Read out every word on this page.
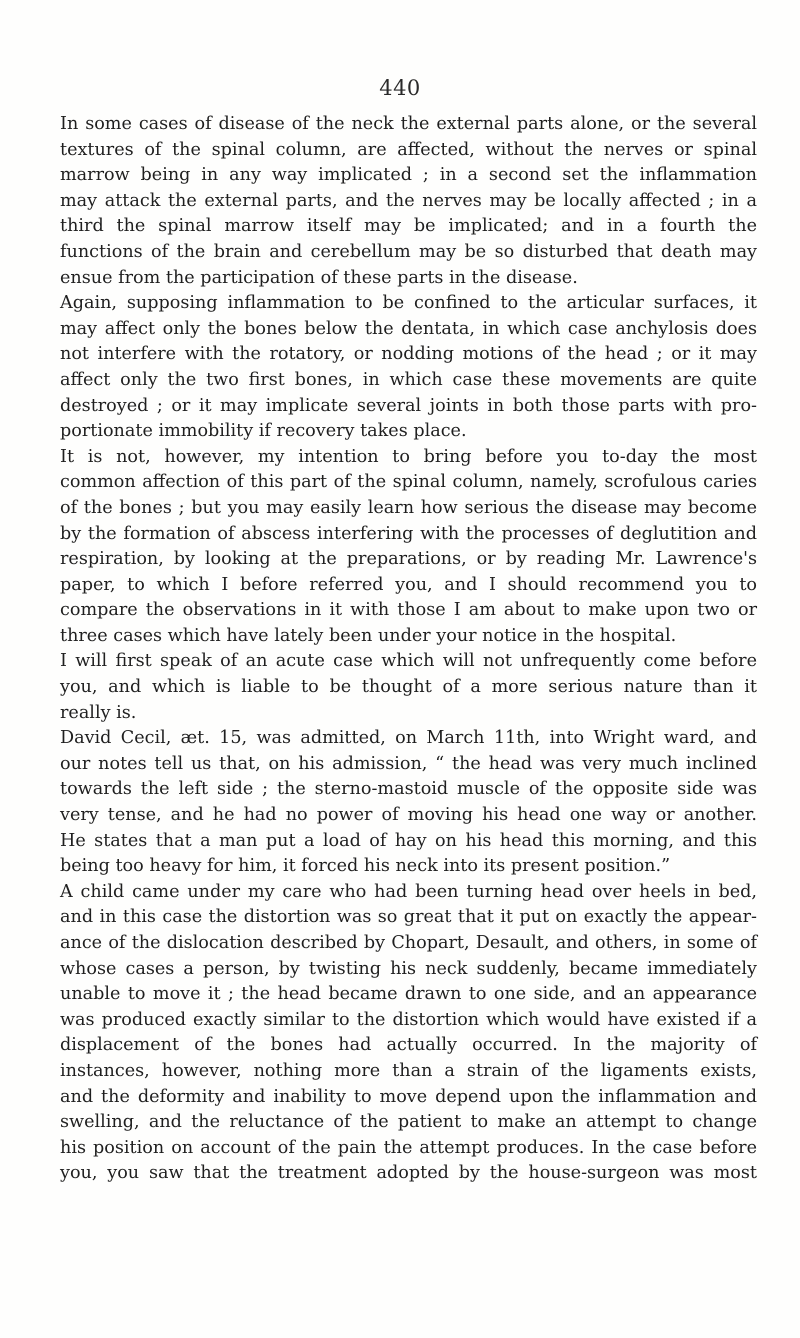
440
In some cases of disease of the neck the external parts alone, or the several
textures of the spinal column, are affected, without the nerves or spinal
marrow being in any way implicated ; in a second set the inflammation
may attack the external parts, and the nerves may be locally affected ; in a
third the spinal marrow itself may be implicated; and in a fourth the
functions of the brain and cerebellum may be so disturbed that death may
ensue from the participation of these parts in the disease.
Again, supposing inflammation to be confined to the articular surfaces, it
may affect only the bones below the dentata, in which case anchylosis does
not interfere with the rotatory, or nodding motions of the head ; or it may
affect only the two first bones, in which case these movements are quite
destroyed ; or it may implicate several joints in both those parts with pro-
portionate immobility if recovery takes place.
It is not, however, my intention to bring before you to-day the most
common affection of this part of the spinal column, namely, scrofulous caries
of the bones ; but you may easily learn how serious the disease may become
by the formation of abscess interfering with the processes of deglutition and
respiration, by looking at the preparations, or by reading Mr. Lawrence's
paper, to which I before referred you, and I should recommend you to
compare the observations in it with those I am about to make upon two or
three cases which have lately been under your notice in the hospital.
I will first speak of an acute case which will not unfrequently come before
you, and which is liable to be thought of a more serious nature than it
really is.
David Cecil, æt. 15, was admitted, on March 11th, into Wright ward, and
our notes tell us that, on his admission, “ the head was very much inclined
towards the left side ; the sterno-mastoid muscle of the opposite side was
very tense, and he had no power of moving his head one way or another.
He states that a man put a load of hay on his head this morning, and this
being too heavy for him, it forced his neck into its present position.”
A child came under my care who had been turning head over heels in bed,
and in this case the distortion was so great that it put on exactly the appear-
ance of the dislocation described by Chopart, Desault, and others, in some of
whose cases a person, by twisting his neck suddenly, became immediately
unable to move it ; the head became drawn to one side, and an appearance
was produced exactly similar to the distortion which would have existed if a
displacement of the bones had actually occurred. In the majority of
instances, however, nothing more than a strain of the ligaments exists,
and the deformity and inability to move depend upon the inflammation and
swelling, and the reluctance of the patient to make an attempt to change
his position on account of the pain the attempt produces. In the case before
you, you saw that the treatment adopted by the house-surgeon was most
